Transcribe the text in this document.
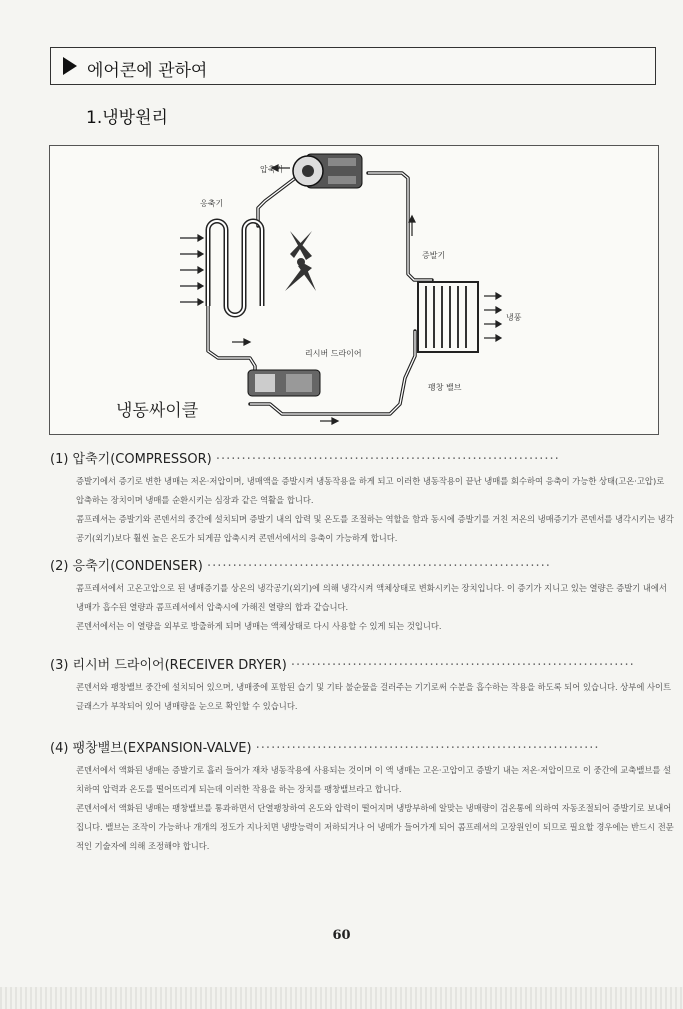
에어콘에 관하여
1.냉방원리
압축기
응축기
증발기
리시버 드라이어
팽창 밸브
냉풍
냉동싸이클
(1) 압축기(COMPRESSOR) ···································································

증발기에서 증기로 변한 냉매는 저온·저압이며, 냉매액을 증발시켜 냉동작용을 하게 되고 이러한 냉동작용이 끝난 냉매를 회수하여 응축이 가능한 상태(고온·고압)로 압축하는 장치이며 냉매를 순환시키는 심장과 같은 역활을 합니다.

콤프레셔는 증발기와 콘덴서의 중간에 설치되며 증발기 내의 압력 및 온도를 조절하는 역할을 함과 동시에 증발기를 거친 저온의 냉매증기가 콘덴서를 냉각시키는 냉각공기(외기)보다 훨씬 높은 온도가 되게끔 압축시켜 콘덴서에서의 응축이 가능하게 합니다.

(2) 응축기(CONDENSER) ···································································

콤프레셔에서 고온고압으로 된 냉매증기를 상온의 냉각공기(외기)에 의해 냉각시켜 액체상태로 변화시키는 장치입니다. 이 증기가 지니고 있는 열량은 증발기 내에서 냉매가 흡수된 열량과 콤프레셔에서 압축시에 가해진 열량의 합과 같습니다.

콘덴서에서는 이 열량을 외부로 방출하게 되며 냉매는 액체상태로 다시 사용할 수 있게 되는 것입니다.

(3) 리시버 드라이어(RECEIVER DRYER) ···································································

콘덴서와 팽창밸브 중간에 설치되어 있으며, 냉매중에 포함된 습기 및 기타 불순물을 걸러주는 기기로써 수분을 흡수하는 작용을 하도록 되어 있습니다. 상부에 사이트 글래스가 부착되어 있어 냉매량을 눈으로 확인할 수 있습니다.

(4) 팽창밸브(EXPANSION-VALVE) ···································································

콘덴서에서 액화된 냉매는 증발기로 흘러 들어가 재차 냉동작용에 사용되는 것이며 이 액 냉매는 고온·고압이고 증발기 내는 저온·저압이므로 이 중간에 교축밸브를 설치하여 압력과 온도를 떨어뜨리게 되는데 이러한 작용을 하는 장치를 팽창밸브라고 합니다.

콘덴서에서 액화된 냉매는 팽창밸브를 통과하면서 단열팽창하여 온도와 압력이 떨어지며 냉방부하에 알맞는 냉매량이 검온통에 의하여 자동조절되어 증발기로 보내어 집니다. 밸브는 조작이 가능하나 개개의 정도가 지나치면 냉방능력이 저하되거나 어 냉매가 들어가게 되어 콤프레셔의 고장원인이 되므로 필요할 경우에는 반드시 전문적인 기술자에 의해 조정해야 합니다.

60
